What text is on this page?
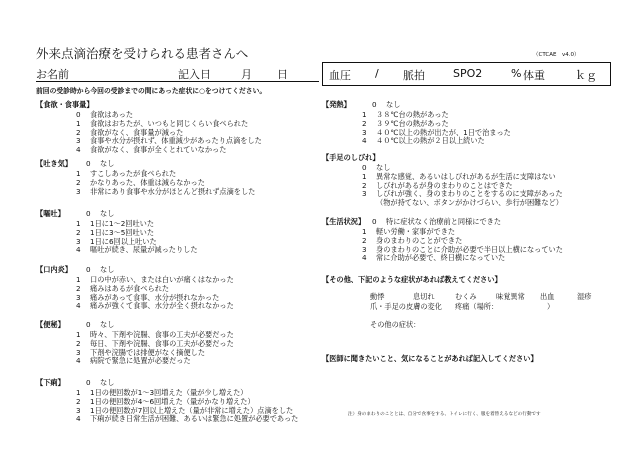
外来点滴治療を受けられる患者さんへ	（CTCAE　v4.0）
お名前	記入日	月 日	血圧 / 脈拍	SPO2	% 体重	ｋｇ
前回の受診時から今回の受診までの間にあった症状に○をつけてください。
【食欲・食事量】
0 食欲はあった
1 食欲はおちたが、いつもと同じくらい食べられた
2 食欲がなく、食事量が減った
3 食事や水分が摂れず、体重減少があったり点滴をした
4 食欲がなく、食事が全くとれていなかった
【吐き気】 0 なし
1 すこしあったが食べられた
2 かなりあった、体重は減らなかった
3 非常にあり食事や水分がほとんど摂れず点滴をした
【嘔吐】	0 なし
1 1日に1～2回吐いた
2 1日に3～5回吐いた
3 1日に6回以上吐いた
4 嘔吐が続き、尿量が減ったりした
【口内炎】 0 なし
1 口の中が赤い、または白いが痛くはなかった
2 痛みはあるが食べられた
3 痛みがあって食事、水分が摂れなかった
4 痛みが強くて食事、水分が全く摂れなかった
【便秘】	0 なし
1 時々、下剤や浣腸、食事の工夫が必要だった
2 毎日、下剤や浣腸、食事の工夫が必要だった
3 下剤や浣腸では排便がなく摘便した
4 病院で緊急に処置が必要だった
【下痢】	0 なし
1 1日の便回数が1～3回増えた（量が少し増えた）
2 1日の便回数が4～6回増えた（量がかなり増えた）
3 1日の便回数が7回以上増えた（量が非常に増えた）点滴をした
4 下痢が続き日常生活が困難、あるいは緊急に処置が必要であった
【発熱】	0 なし
1 ３８℃台の熱があった
2 ３９℃台の熱があった
3 ４０℃以上の熱が出たが、1日で治まった
4 ４０℃以上の熱が２日以上続いた
【手足のしびれ】
0 なし
1 異常な感覚、あるいはしびれがあるが生活に支障はない
2 しびれがあるが身のまわりのことはできた
3 しびれが強く、身のまわりのことをするのに支障があった
（物が持てない、ボタンがかけづらい、歩行が困難など）
【生活状況】 0 特に症状なく治療前と同様にできた
1 軽い労働・家事ができた
2 身のまわりのことができた
3 身のまわりのことに介助が必要で半日以上横になっていた
4 常に介助が必要で、終日横になっていた
【その他、下記のような症状があれば教えてください】
動悸	息切れ	むくみ	味覚異常 出血	湿疹
爪・手足の皮膚の変化 疼痛（場所：	）
その他の症状：
【医師に聞きたいこと、気になることがあれば記入してください】
注）身のまわりのこととは、自分で食事をする、トイレに行く、服を着替えるなどの行動です
